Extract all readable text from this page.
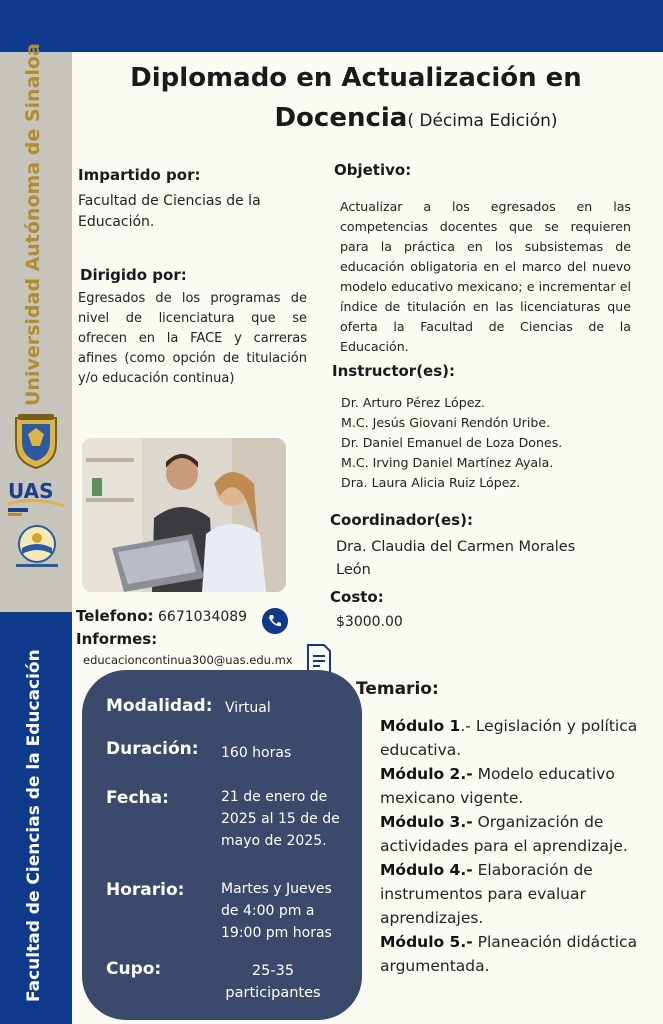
Universidad Autónoma de Sinaloa
Facultad de Ciencias de la Educación
UAS
Diplomado en Actualización en
Docencia( Décima Edición)
Impartido por:
Facultad de Ciencias de la Educación.
Dirigido por:
Egresados de los programas de nivel de licenciatura que se ofrecen en la FACE y carreras afines (como opción de titulación y/o educación continua)
Telefono: 6671034089
Informes:
educacioncontinua300@uas.edu.mx
Modalidad: Virtual
Duración: 160 horas
Fecha:	21 de enero de 2025 al 15 de de mayo de 2025.
Horario:	Martes y Jueves de 4:00 pm a 19:00 pm horas
Cupo:	25-35 participantes
Objetivo:
Actualizar a los egresados en las competencias docentes que se requieren para la práctica en los subsistemas de educación obligatoria en el marco del nuevo modelo educativo mexicano; e incrementar el índice de titulación en las licenciaturas que oferta la Facultad de Ciencias de la Educación.
Instructor(es):
Dr. Arturo Pérez López.
M.C. Jesús Giovani Rendón Uribe.
Dr. Daniel Emanuel de Loza Dones.
M.C. Irving Daniel Martínez Ayala.
Dra. Laura Alicia Ruiz López.
Coordinador(es):
Dra. Claudia del Carmen Morales León
Costo:
$3000.00
Temario:
Módulo 1.- Legislación y política educativa.
Módulo 2.- Modelo educativo mexicano vigente.
Módulo 3.- Organización de actividades para el aprendizaje.
Módulo 4.- Elaboración de instrumentos para evaluar aprendizajes.
Módulo 5.- Planeación didáctica argumentada.
